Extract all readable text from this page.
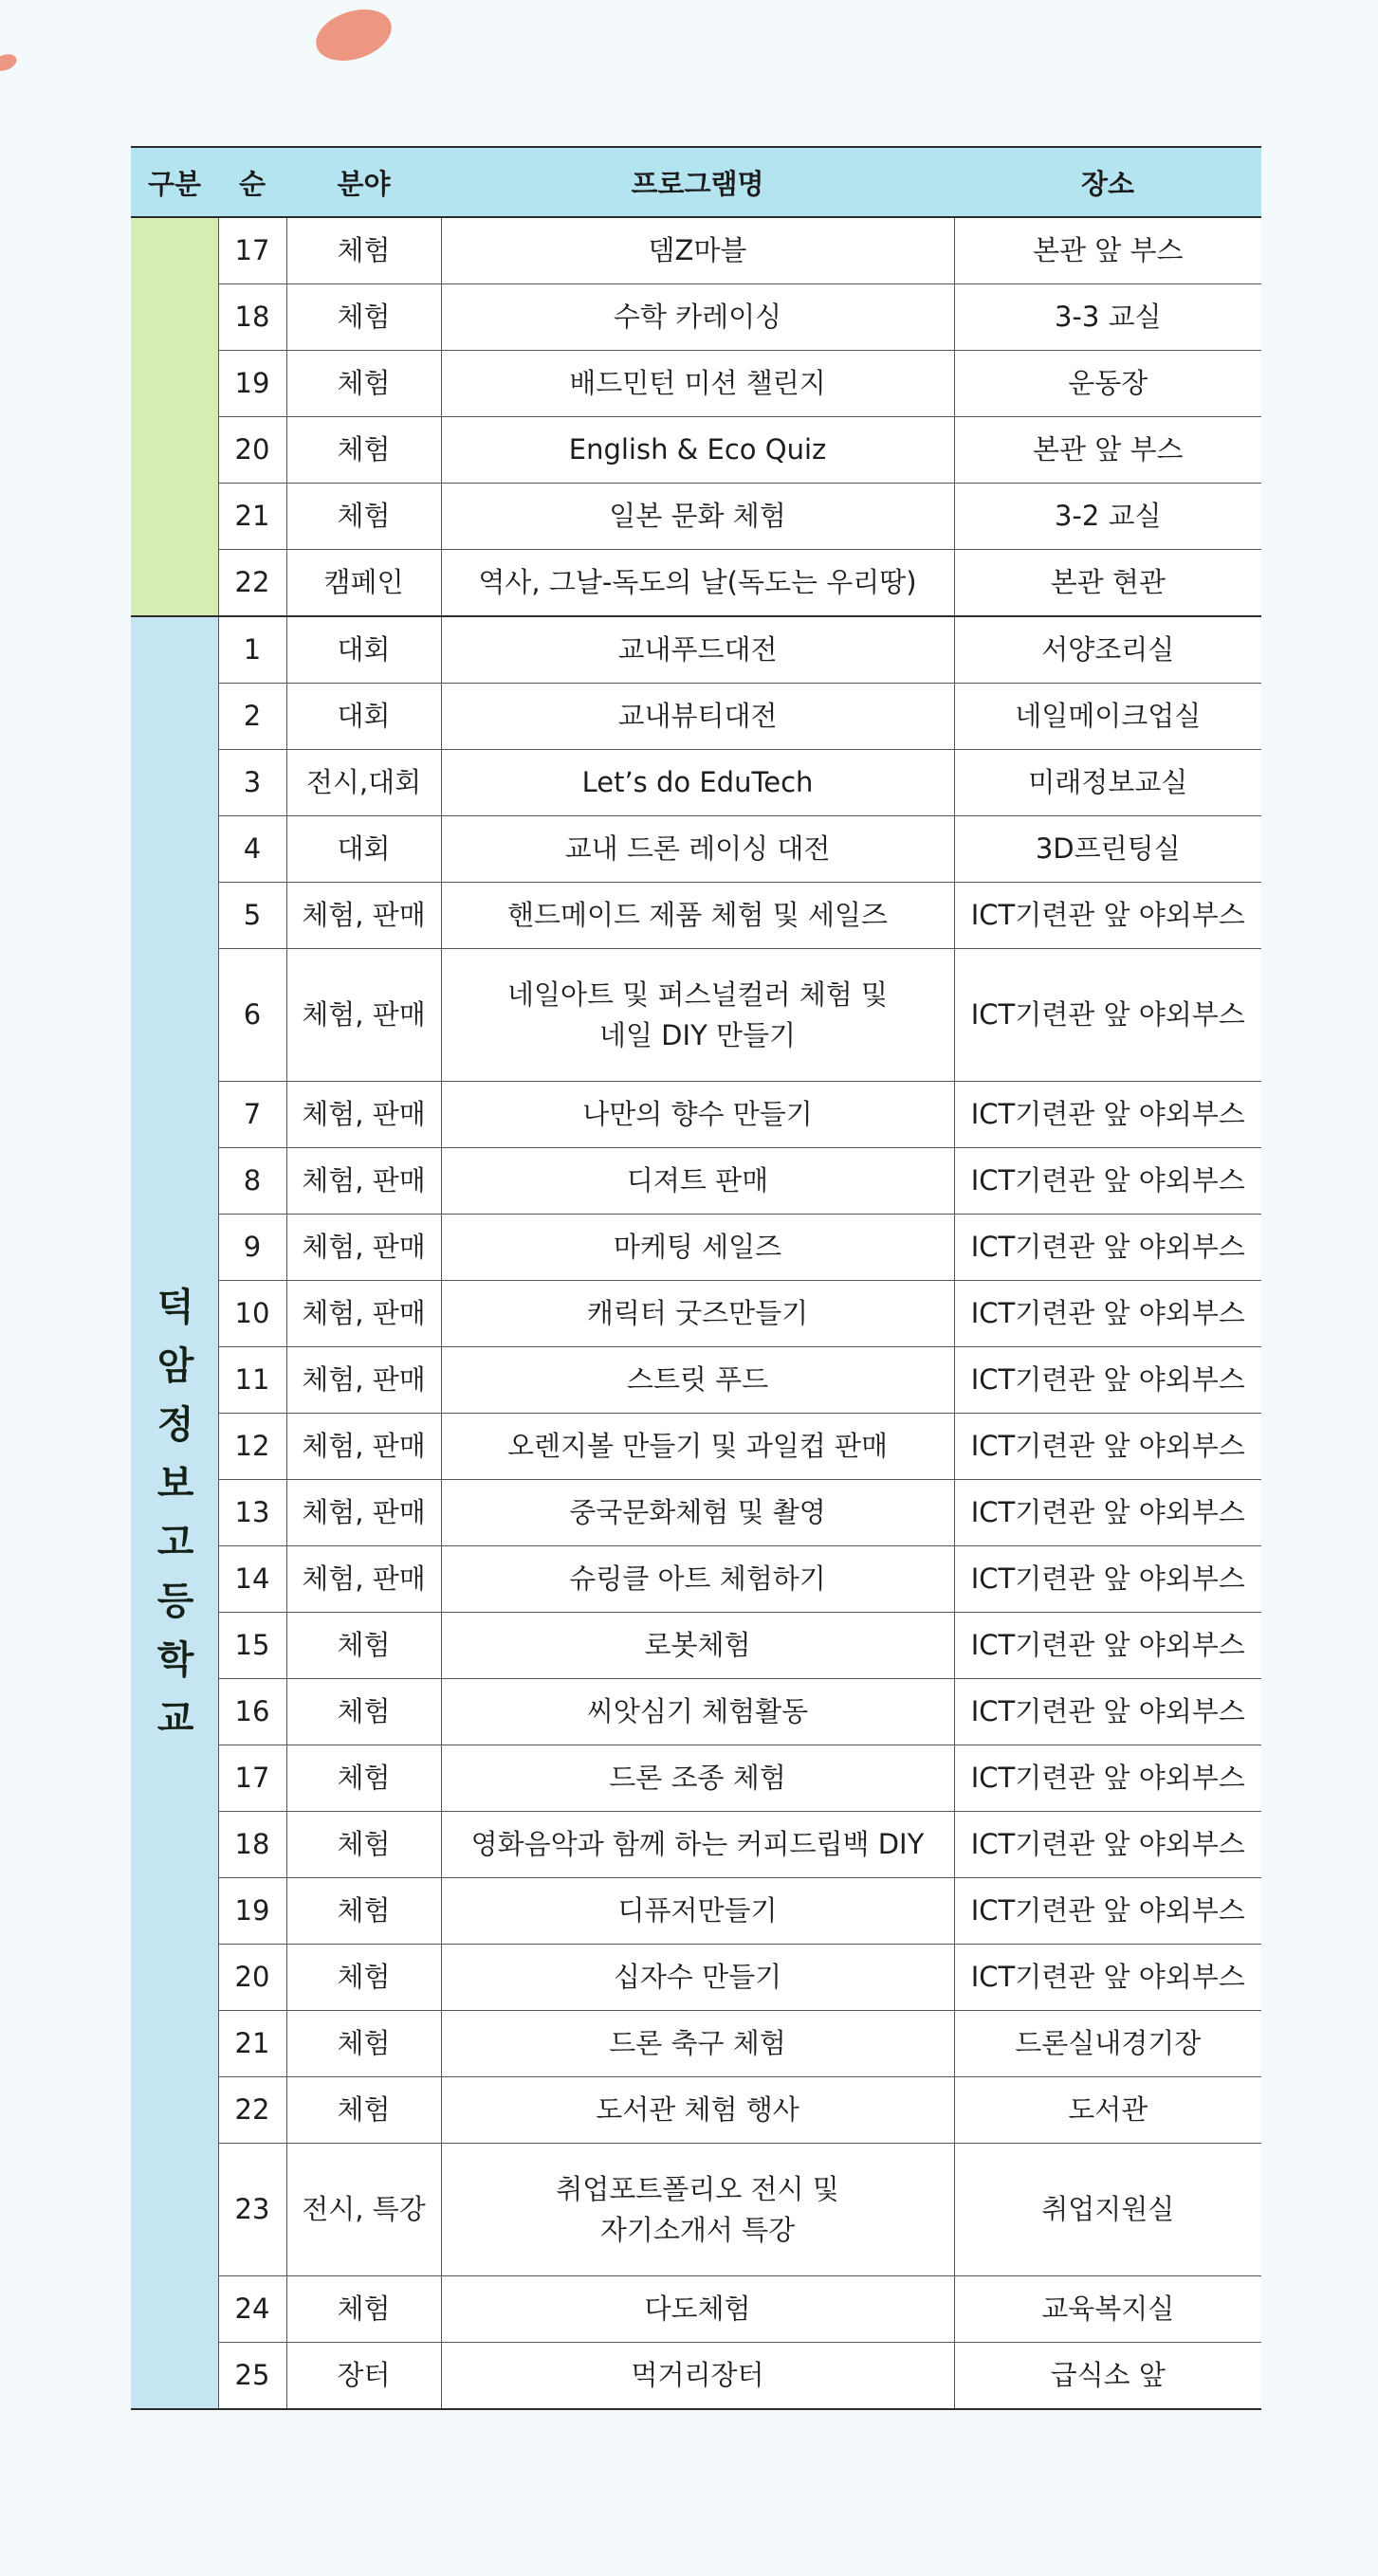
구분	순	분야	프로그램명	장소
	17	체험	뎀Z마블	본관 앞 부스
	18	체험	수학 카레이싱	3-3 교실
	19	체험	배드민턴 미션 챌린지	운동장
	20	체험	English & Eco Quiz	본관 앞 부스
	21	체험	일본 문화 체험	3-2 교실
	22	캠페인	역사, 그날-독도의 날(독도는 우리땅)	본관 현관
덕암정보고등학교	1	대회	교내푸드대전	서양조리실
	2	대회	교내뷰티대전	네일메이크업실
	3	전시,대회	Let’s do EduTech	미래정보교실
	4	대회	교내 드론 레이싱 대전	3D프린팅실
	5	체험, 판매	핸드메이드 제품 체험 및 세일즈	ICT기련관 앞 야외부스
	6	체험, 판매	네일아트 및 퍼스널컬러 체험 및
네일 DIY 만들기	ICT기련관 앞 야외부스
	7	체험, 판매	나만의 향수 만들기	ICT기련관 앞 야외부스
	8	체험, 판매	디져트 판매	ICT기련관 앞 야외부스
	9	체험, 판매	마케팅 세일즈	ICT기련관 앞 야외부스
	10	체험, 판매	캐릭터 굿즈만들기	ICT기련관 앞 야외부스
	11	체험, 판매	스트릿 푸드	ICT기련관 앞 야외부스
	12	체험, 판매	오렌지볼 만들기 및 과일컵 판매	ICT기련관 앞 야외부스
	13	체험, 판매	중국문화체험 및 촬영	ICT기련관 앞 야외부스
	14	체험, 판매	슈링클 아트 체험하기	ICT기련관 앞 야외부스
	15	체험	로봇체험	ICT기련관 앞 야외부스
	16	체험	씨앗심기 체험활동	ICT기련관 앞 야외부스
	17	체험	드론 조종 체험	ICT기련관 앞 야외부스
	18	체험	영화음악과 함께 하는 커피드립백 DIY	ICT기련관 앞 야외부스
	19	체험	디퓨저만들기	ICT기련관 앞 야외부스
	20	체험	십자수 만들기	ICT기련관 앞 야외부스
	21	체험	드론 축구 체험	드론실내경기장
	22	체험	도서관 체험 행사	도서관
	23	전시, 특강	취업포트폴리오 전시 및
자기소개서 특강	취업지원실
	24	체험	다도체험	교육복지실
	25	장터	먹거리장터	급식소 앞
